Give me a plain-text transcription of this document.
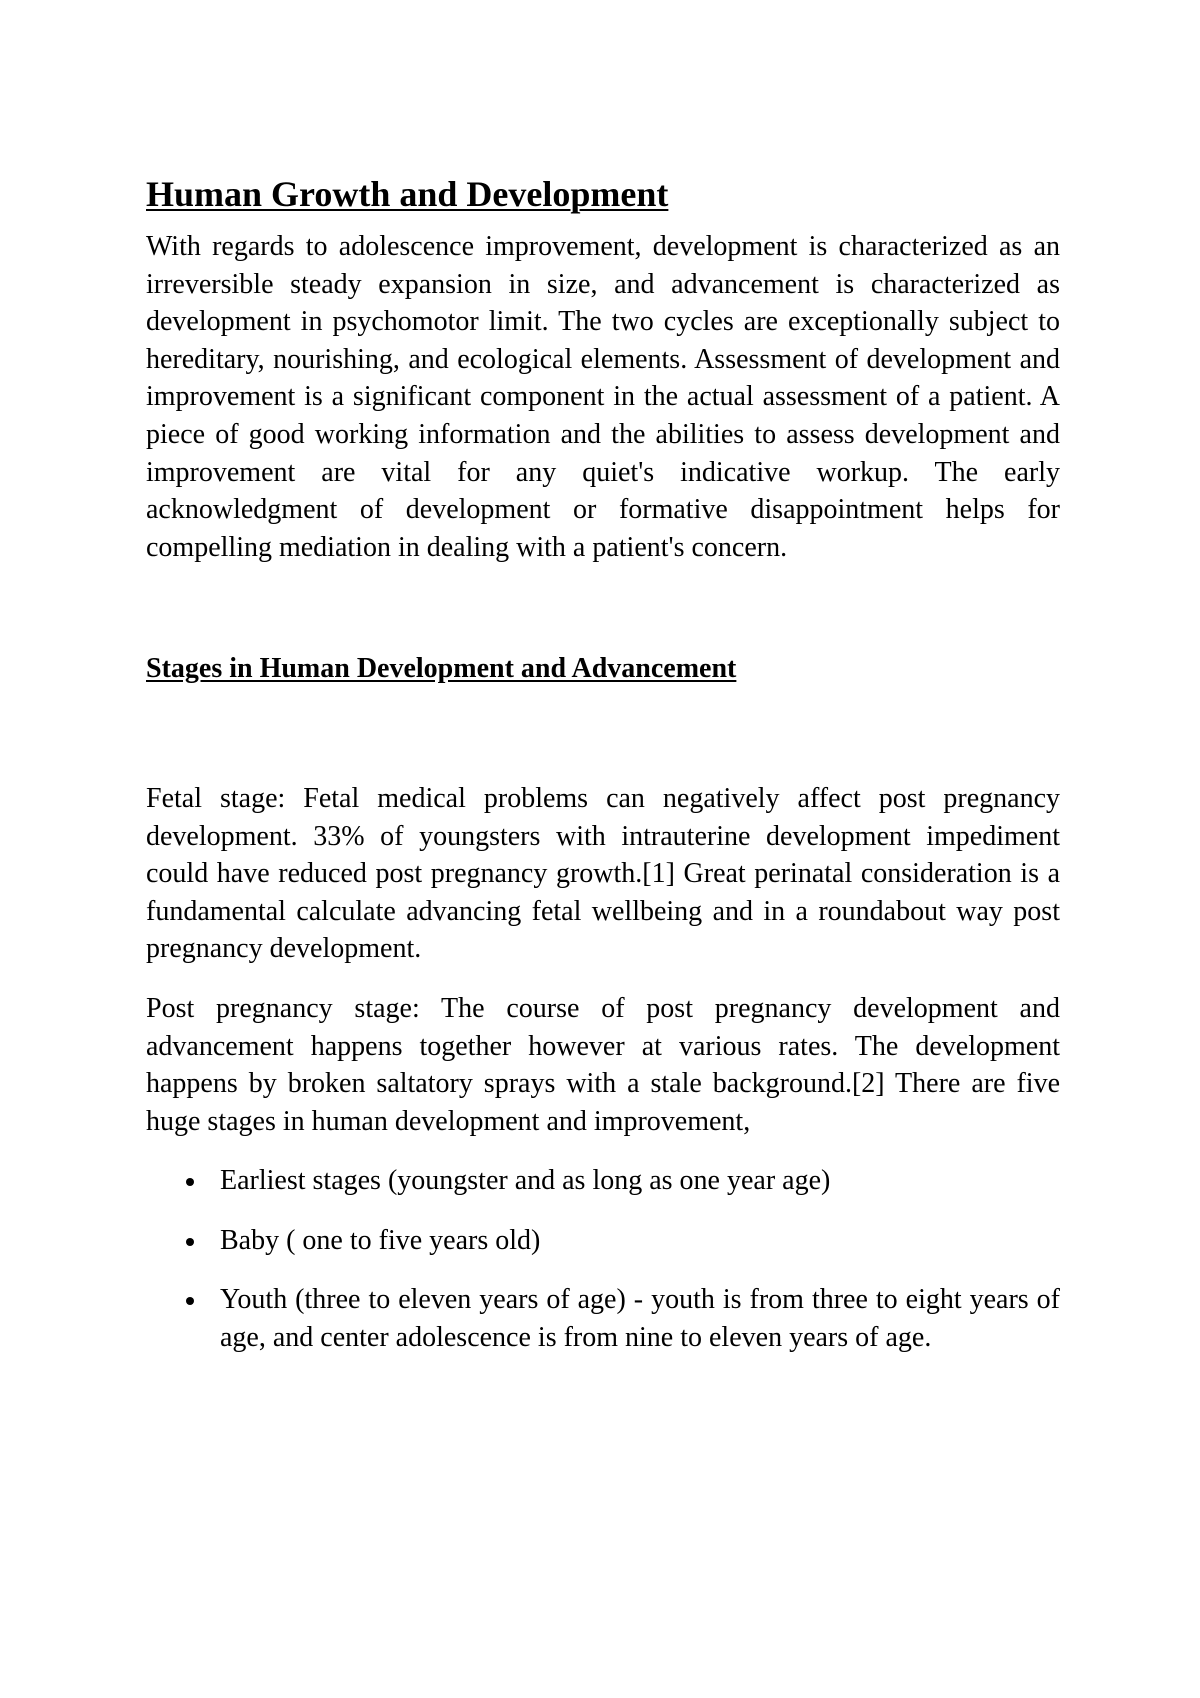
Human Growth and Development

With regards to adolescence improvement, development is characterized as an irreversible steady expansion in size, and advancement is characterized as development in psychomotor limit. The two cycles are exceptionally subject to hereditary, nourishing, and ecological elements. Assessment of development and improvement is a significant component in the actual assessment of a patient. A piece of good working information and the abilities to assess development and improvement are vital for any quiet's indicative workup. The early acknowledgment of development or formative disappointment helps for compelling mediation in dealing with a patient's concern.

Stages in Human Development and Advancement

Fetal stage: Fetal medical problems can negatively affect post pregnancy development. 33% of youngsters with intrauterine development impediment could have reduced post pregnancy growth.[1] Great perinatal consideration is a fundamental calculate advancing fetal wellbeing and in a roundabout way post pregnancy development.

Post pregnancy stage: The course of post pregnancy development and advancement happens together however at various rates. The development happens by broken saltatory sprays with a stale background.[2] There are five huge stages in human development and improvement,

Earliest stages (youngster and as long as one year age)
Baby ( one to five years old)
Youth (three to eleven years of age) - youth is from three to eight years of age, and center adolescence is from nine to eleven years of age.
